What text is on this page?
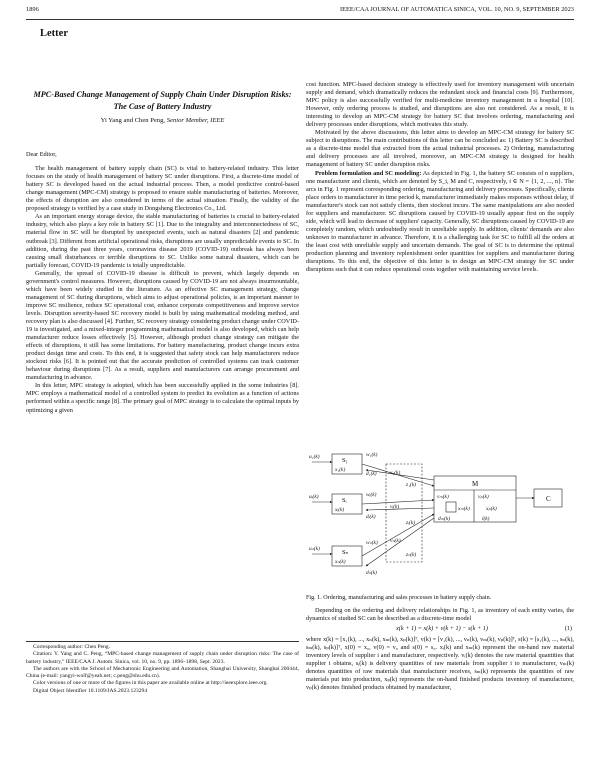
1896	IEEE/CAA JOURNAL OF AUTOMATICA SINICA, VOL. 10, NO. 9, SEPTEMBER 2023
Letter
MPC-Based Change Management of Supply Chain Under Disruption Risks: The Case of Battery Industry
Yi Yang and Chen Peng, Senior Member, IEEE
Dear Editor,

The health management of battery supply chain (SC) is vital to battery-related industry. This letter focuses on the study of health management of battery SC under disruptions. First, a discrete-time model of battery SC is developed based on the actual industrial process. Then, a model predictive control-based change management (MPC-CM) strategy is proposed to ensure stable manufacturing of batteries. Moreover, the effects of disruption are also considered in terms of the actual situation. Finally, the validity of the proposed strategy is verified by a case study in Dongsheng Electronics Co., Ltd.

As an important energy storage device, the stable manufacturing of batteries is crucial to battery-related industry, which also plays a key role in battery SC [1]. Due to the integrality and interconnectedness of SC, material flow in SC will be disrupted by unexpected events, such as natural disasters [2] and pandemic outbreak [3]. Different from artificial operational risks, disruptions are usually unpredictable events to SC. In addition, during the past three years, coronavirus disease 2019 (COVID-19) outbreak has always been causing small disturbances or terrible disruptions to SC. Unlike some natural disasters, which can be partially forecast, COVID-19 pandemic is totally unpredictable.

Generally, the spread of COVID-19 disease is difficult to prevent, which largely depends on government's control measures. However, disruptions caused by COVID-19 are not always insurmountable, which have been widely studied in the literature. As an effective SC management strategy, change management of SC during disruptions, which aims to adjust operational policies, is an important manner to improve SC resilience, reduce SC operational cost, enhance corporate competitiveness and improve service levels. Disruption severity-based SC recovery model is built by using mathematical modeling method, and recovery plan is also discussed [4]. Further, SC recovery strategy considering product change under COVID-19 is investigated, and a mixed-integer programming mathematical model is also developed, which can help manufacturer reduce losses effectively [5]. However, although product change strategy can mitigate the effects of disruptions, it still has some limitations. For battery manufacturing, product change incurs extra product design time and costs. To this end, it is suggested that safety stock can help manufacturers reduce stockout risks [6]. It is pointed out that the accurate prediction of controlled systems can track customer behaviour during disruptions [7]. As a result, suppliers and manufacturers can arrange procurement and manufacturing in advance.

In this letter, MPC strategy is adopted, which has been successfully applied in the some industries [8]. MPC employs a mathematical model of a controlled system to predict its evolution as a function of actions performed within a specific range [8]. The primary goal of MPC strategy is to calculate the optimal inputs by optimizing a given

Corresponding author: Chen Peng.

Citation: Y. Yang and C. Peng, “MPC-based change management of supply chain under disruption risks: The case of battery industry,” IEEE/CAA J. Autom. Sinica, vol. 10, no. 9, pp. 1896–1898, Sept. 2023.

The authors are with the School of Mechatronic Engineering and Automation, Shanghai University, Shanghai 200444, China (e-mail: yangyi-wolf@yeah.net; c.peng@shu.edu.cn).

Color versions of one or more of the figures in this paper are available online at http://ieeexplore.ieee.org.

Digital Object Identifier 10.1109/JAS.2023.123294

cost function. MPC-based decision strategy is effectively used for inventory management with uncertain supply and demand, which dramatically reduces the redundant stock and financial costs [9]. Furthermore, MPC policy is also successfully verified for multi-medicine inventory management in a hospital [10]. However, only ordering process is studied, and disruptions are also not considered. As a result, it is interesting to develop an MPC-CM strategy for battery SC that involves ordering, manufacturing and delivery processes under disruptions, which motivates this study.

Motivated by the above discussions, this letter aims to develop an MPC-CM strategy for battery SC subject to disruptions. The main contributions of this letter can be concluded as: 1) Battery SC is described as a discrete-time model that extracted from the actual industrial processes. 2) Ordering, manufacturing and delivery processes are all involved, moreover, an MPC-CM strategy is designed for health management of battery SC under disruption risks.

Problem formulation and SC modeling: As depicted in Fig. 1, the battery SC consists of n suppliers, one manufacturer and clients, which are denoted by S_i, M and C, respectively, i ∈ N = {1, 2, ..., n}. The arcs in Fig. 1 represent corresponding ordering, manufacturing and delivery processes. Specifically, clients place orders to manufacturer in time period k, manufacturer immediately makes responses without delay, if manufacturer's stock can not satisfy clients, then stockout incurs. The same manipulations are also needed for suppliers and manufacturer. SC disruptions caused by COVID-19 usually appear first on the supply side, which will lead to decrease of suppliers' capacity. Generally, SC disruptions caused by COVID-19 are completely random, which undoubtedly result in unreliable supply. In addition, clients' demands are also unknown to manufacturer in advance. Therefore, it is a challenging task for SC to fulfill all the orders at the least cost with unreliable supply and uncertain demands. The goal of SC is to determine the optimal production planning and inventory replenishment order quantities for suppliers and manufacturer during disruptions. To this end, the objective of this letter is to design an MPC-CM strategy for SC under disruptions such that it can reduce operational costs together with maintaining service levels.

u₁(k)	S₁
x₁(k)
w₁(k)
d₁(k)
uᵢ(k)	Sᵢ
xᵢ(k)
wᵢ(k)
dᵢ(k)
uₙ(k)	Sₙ
xₙ(k)
wₙ(k)
dₙ(k)
v₁(k)
vᵢ(k)
vₙ(k)
z₁(k)
zᵢ(k)
zₙ(k)
M
vₘ(k)
xₘ(k)
vₚ(k)
xₚ(k)
dₘ(k)	l(k)
C
Fig. 1. Ordering, manufacturing and sales processes in battery supply chain.

Depending on the ordering and delivery relationships in Fig. 1, as inventory of each entity varies, the dynamics of studied SC can be described as a discrete-time model

x(k + 1) = x(k) + v(k + 1) − s(k + 1)	(1)

where x(k) = [x₁(k), ..., xₙ(k), xₘ(k), xₚ(k)]ᵀ, v(k) = [v₁(k), ..., vₙ(k), vₘ(k), vₚ(k)]ᵀ, s(k) = [s₁(k), ..., sₙ(k), sₘ(k), sₚ(k)]ᵀ, x(0) = x₀, v(0) = v₀ and s(0) = s₀. xᵢ(k) and xₘ(k) represent the on-hand raw material inventory levels of supplier i and manufacturer, respectively. vᵢ(k) denotes the raw material quantities that supplier i obtains, sᵢ(k) is delivery quantities of raw materials from supplier i to manufacturer, vₘ(k) denotes quantities of raw materials that manufacturer receives, sₘ(k) represents the quantities of raw materials put into production, xₚ(k) represents the on-hand finished products inventory of manufacturer, vₚ(k) denotes finished products obtained by manufacturer,
